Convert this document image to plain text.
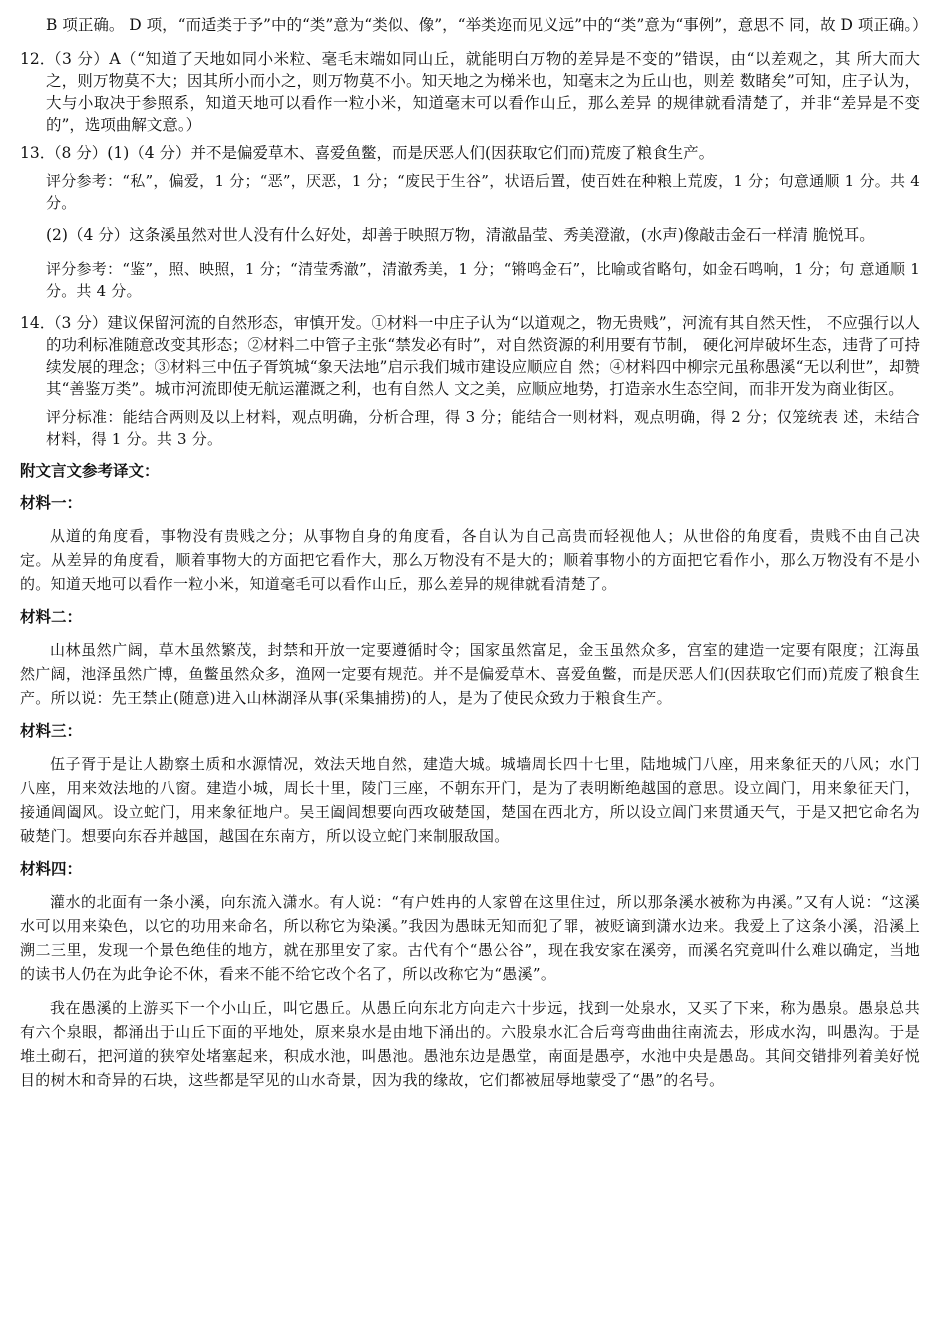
B 项正确。 D 项，“而适类于予”中的“类”意为“类似、像”，“举类迩而见义远”中的“类”意为“事例”，意思不 同，故 D 项正确。）

12．

（3 分）A（“知道了天地如同小米粒、毫毛末端如同山丘，就能明白万物的差异是不变的”错误，由“以差观之，其 所大而大之，则万物莫不大；因其所小而小之，则万物莫不小。知天地之为梯米也，知毫末之为丘山也，则差 数睹矣”可知，庄子认为，大与小取决于参照系，知道天地可以看作一粒小米，知道毫末可以看作山丘，那么差异 的规律就看清楚了，并非“差异是不变的”，选项曲解文意。）

13．

（8 分）(1)（4 分）并不是偏爱草木、喜爱鱼鳖，而是厌恶人们(因获取它们而)荒废了粮食生产。

评分参考：“私”，偏爱，1 分；“恶”，厌恶，1 分；“废民于生谷”，状语后置，使百姓在种粮上荒废，1 分；句意通顺 1 分。共 4 分。

(2)（4 分）这条溪虽然对世人没有什么好处，却善于映照万物，清澈晶莹、秀美澄澈，(水声)像敲击金石一样清 脆悦耳。

评分参考：“鉴”，照、映照，1 分；“清莹秀澈”，清澈秀美，1 分；“锵鸣金石”，比喻或省略句，如金石鸣响，1 分；句 意通顺 1 分。共 4 分。

14．

（3 分）建议保留河流的自然形态，审慎开发。①材料一中庄子认为“以道观之，物无贵贱”，河流有其自然天性， 不应强行以人的功利标准随意改变其形态；②材料二中管子主张“禁发必有时”，对自然资源的利用要有节制， 硬化河岸破坏生态，违背了可持续发展的理念；③材料三中伍子胥筑城“象天法地”启示我们城市建设应顺应自 然；④材料四中柳宗元虽称愚溪“无以利世”，却赞其“善鉴万类”。城市河流即使无航运灌溉之利，也有自然人 文之美，应顺应地势，打造亲水生态空间，而非开发为商业街区。

评分标准：能结合两则及以上材料，观点明确，分析合理，得 3 分；能结合一则材料，观点明确，得 2 分；仅笼统表 述，未结合材料，得 1 分。共 3 分。

附文言文参考译文：
材料一：

从道的角度看，事物没有贵贱之分；从事物自身的角度看，各自认为自己高贵而轻视他人；从世俗的角度看，贵贱不由自己决定。从差异的角度看，顺着事物大的方面把它看作大，那么万物没有不是大的；顺着事物小的方面把它看作小，那么万物没有不是小的。知道天地可以看作一粒小米，知道毫毛可以看作山丘，那么差异的规律就看清楚了。

材料二：

山林虽然广阔，草木虽然繁茂，封禁和开放一定要遵循时令；国家虽然富足，金玉虽然众多，宫室的建造一定要有限度；江海虽然广阔，池泽虽然广博，鱼鳖虽然众多，渔网一定要有规范。并不是偏爱草木、喜爱鱼鳖，而是厌恶人们(因获取它们而)荒废了粮食生产。所以说：先王禁止(随意)进入山林湖泽从事(采集捕捞)的人，是为了使民众致力于粮食生产。

材料三：

伍子胥于是让人勘察土质和水源情况，效法天地自然，建造大城。城墙周长四十七里，陆地城门八座，用来象征天的八风；水门八座，用来效法地的八窗。建造小城，周长十里，陵门三座，不朝东开门，是为了表明断绝越国的意思。设立阊门，用来象征天门，接通阊阖风。设立蛇门，用来象征地户。吴王阖闾想要向西攻破楚国，楚国在西北方，所以设立阊门来贯通天气，于是又把它命名为破楚门。想要向东吞并越国，越国在东南方，所以设立蛇门来制服敌国。

材料四：

灌水的北面有一条小溪，向东流入潇水。有人说：“有户姓冉的人家曾在这里住过，所以那条溪水被称为冉溪。”又有人说：“这溪水可以用来染色，以它的功用来命名，所以称它为染溪。”我因为愚昧无知而犯了罪，被贬谪到潇水边来。我爱上了这条小溪，沿溪上溯二三里，发现一个景色绝佳的地方，就在那里安了家。古代有个“愚公谷”，现在我安家在溪旁，而溪名究竟叫什么难以确定，当地的读书人仍在为此争论不休，看来不能不给它改个名了，所以改称它为“愚溪”。

我在愚溪的上游买下一个小山丘，叫它愚丘。从愚丘向东北方向走六十步远，找到一处泉水，又买了下来，称为愚泉。愚泉总共有六个泉眼，都涌出于山丘下面的平地处，原来泉水是由地下涌出的。六股泉水汇合后弯弯曲曲往南流去，形成水沟，叫愚沟。于是堆土砌石，把河道的狭窄处堵塞起来，积成水池，叫愚池。愚池东边是愚堂，南面是愚亭，水池中央是愚岛。其间交错排列着美好悦目的树木和奇异的石块，这些都是罕见的山水奇景，因为我的缘故，它们都被屈辱地蒙受了“愚”的名号。
